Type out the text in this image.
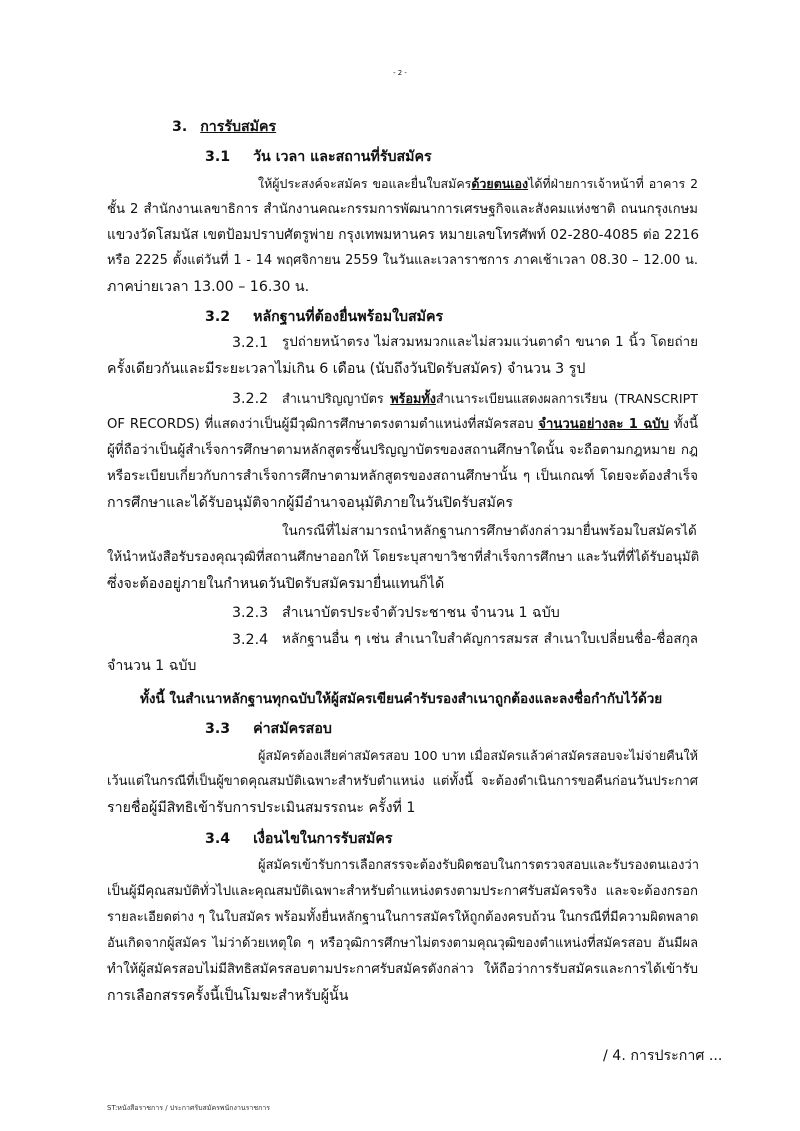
- 2 -
3. การรับสมัคร
3.1 วัน เวลา และสถานที่รับสมัคร
ให้ผู้ประสงค์จะสมัคร ขอและยื่นใบสมัครด้วยตนเองได้ที่ฝ่ายการเจ้าหน้าที่ อาคาร 2
ชั้น 2 สำนักงานเลขาธิการ สำนักงานคณะกรรมการพัฒนาการเศรษฐกิจและสังคมแห่งชาติ ถนนกรุงเกษม
แขวงวัดโสมนัส เขตป้อมปราบศัตรูพ่าย กรุงเทพมหานคร หมายเลขโทรศัพท์ 02-280-4085 ต่อ 2216
หรือ 2225 ตั้งแต่วันที่ 1 - 14 พฤศจิกายน 2559 ในวันและเวลาราชการ ภาคเช้าเวลา 08.30 – 12.00 น.
ภาคบ่ายเวลา 13.00 – 16.30 น.
3.2 หลักฐานที่ต้องยื่นพร้อมใบสมัคร
3.2.1 รูปถ่ายหน้าตรง ไม่สวมหมวกและไม่สวมแว่นตาดำ ขนาด 1 นิ้ว โดยถ่าย
ครั้งเดียวกันและมีระยะเวลาไม่เกิน 6 เดือน (นับถึงวันปิดรับสมัคร) จำนวน 3 รูป
3.2.2 สำเนาปริญญาบัตร พร้อมทั้งสำเนาระเบียนแสดงผลการเรียน (TRANSCRIPT
OF RECORDS) ที่แสดงว่าเป็นผู้มีวุฒิการศึกษาตรงตามตำแหน่งที่สมัครสอบ จำนวนอย่างละ 1 ฉบับ ทั้งนี้
ผู้ที่ถือว่าเป็นผู้สำเร็จการศึกษาตามหลักสูตรชั้นปริญญาบัตรของสถานศึกษาใดนั้น จะถือตามกฎหมาย กฎ
หรือระเบียบเกี่ยวกับการสำเร็จการศึกษาตามหลักสูตรของสถานศึกษานั้น ๆ เป็นเกณฑ์ โดยจะต้องสำเร็จ
การศึกษาและได้รับอนุมัติจากผู้มีอำนาจอนุมัติภายในวันปิดรับสมัคร
ในกรณีที่ไม่สามารถนำหลักฐานการศึกษาดังกล่าวมายื่นพร้อมใบสมัครได้
ให้นำหนังสือรับรองคุณวุฒิที่สถานศึกษาออกให้ โดยระบุสาขาวิชาที่สำเร็จการศึกษา และวันที่ที่ได้รับอนุมัติ
ซึ่งจะต้องอยู่ภายในกำหนดวันปิดรับสมัครมายื่นแทนก็ได้
3.2.3 สำเนาบัตรประจำตัวประชาชน จำนวน 1 ฉบับ
3.2.4 หลักฐานอื่น ๆ เช่น สำเนาใบสำคัญการสมรส สำเนาใบเปลี่ยนชื่อ-ชื่อสกุล
จำนวน 1 ฉบับ
ทั้งนี้ ในสำเนาหลักฐานทุกฉบับให้ผู้สมัครเขียนคำรับรองสำเนาถูกต้องและลงชื่อกำกับไว้ด้วย
3.3 ค่าสมัครสอบ
ผู้สมัครต้องเสียค่าสมัครสอบ 100 บาท เมื่อสมัครแล้วค่าสมัครสอบจะไม่จ่ายคืนให้
เว้นแต่ในกรณีที่เป็นผู้ขาดคุณสมบัติเฉพาะสำหรับตำแหน่ง แต่ทั้งนี้ จะต้องดำเนินการขอคืนก่อนวันประกาศ
รายชื่อผู้มีสิทธิเข้ารับการประเมินสมรรถนะ ครั้งที่ 1
3.4 เงื่อนไขในการรับสมัคร
ผู้สมัครเข้ารับการเลือกสรรจะต้องรับผิดชอบในการตรวจสอบและรับรองตนเองว่า
เป็นผู้มีคุณสมบัติทั่วไปและคุณสมบัติเฉพาะสำหรับตำแหน่งตรงตามประกาศรับสมัครจริง และจะต้องกรอก
รายละเอียดต่าง ๆ ในใบสมัคร พร้อมทั้งยื่นหลักฐานในการสมัครให้ถูกต้องครบถ้วน ในกรณีที่มีความผิดพลาด
อันเกิดจากผู้สมัคร ไม่ว่าด้วยเหตุใด ๆ หรือวุฒิการศึกษาไม่ตรงตามคุณวุฒิของตำแหน่งที่สมัครสอบ อันมีผล
ทำให้ผู้สมัครสอบไม่มีสิทธิสมัครสอบตามประกาศรับสมัครดังกล่าว ให้ถือว่าการรับสมัครและการได้เข้ารับ
การเลือกสรรครั้งนี้เป็นโมฆะสำหรับผู้นั้น
/ 4. การประกาศ ...
ST:หนังสือราชการ / ประกาศรับสมัครพนักงานราชการ
